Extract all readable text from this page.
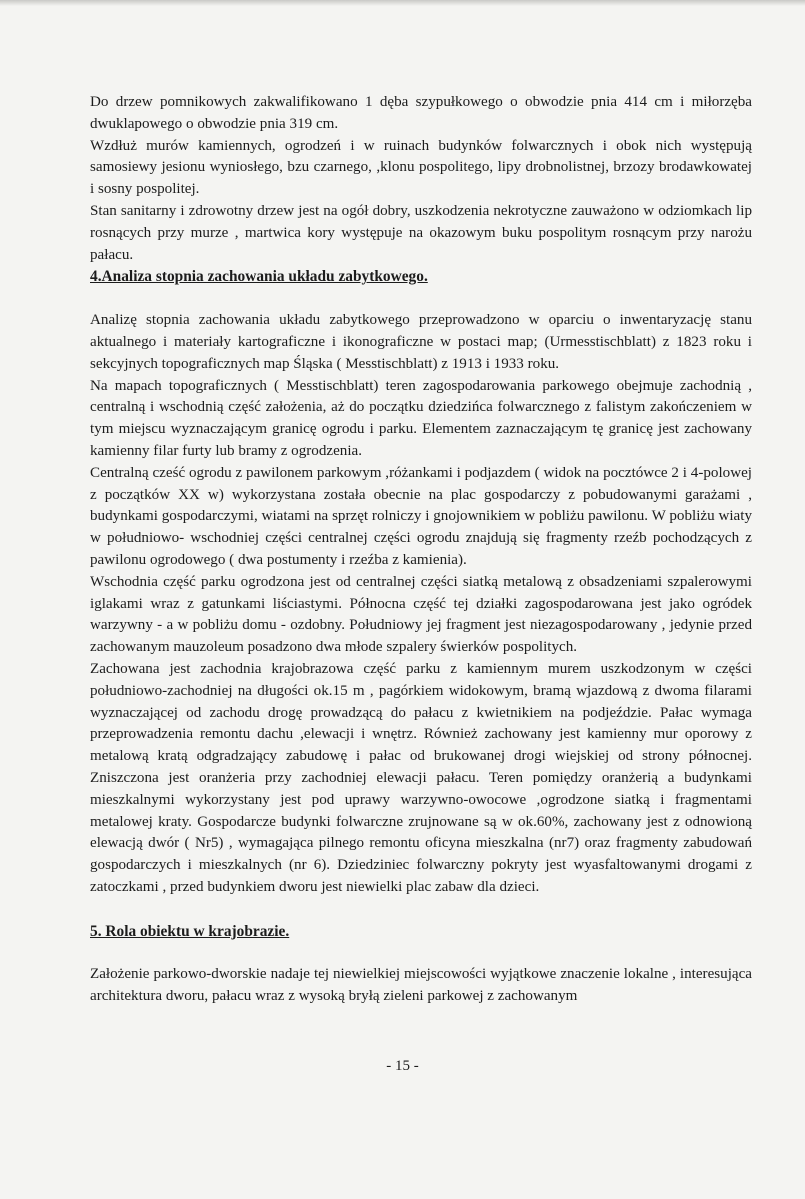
Do drzew pomnikowych zakwalifikowano 1 dęba szypułkowego o obwodzie pnia 414 cm i miłorzęba dwuklapowego o obwodzie pnia 319 cm.

Wzdłuż murów kamiennych, ogrodzeń i w ruinach budynków folwarcznych i obok nich występują samosiewy jesionu wyniosłego, bzu czarnego, ,klonu pospolitego, lipy drobnolistnej, brzozy brodawkowatej i sosny pospolitej.

Stan sanitarny i zdrowotny drzew jest na ogół dobry, uszkodzenia nekrotyczne zauważono w odziomkach lip rosnących przy murze , martwica kory występuje na okazowym buku pospolitym rosnącym przy narożu pałacu.

4.Analiza stopnia zachowania układu zabytkowego.

Analizę stopnia zachowania układu zabytkowego przeprowadzono w oparciu o inwentaryzację stanu aktualnego i materiały kartograficzne i ikonograficzne w postaci map; (Urmesstischblatt) z 1823 roku i sekcyjnych topograficznych map Śląska ( Messtischblatt) z 1913 i 1933 roku.

Na mapach topograficznych ( Messtischblatt) teren zagospodarowania parkowego obejmuje zachodnią , centralną i wschodnią część założenia, aż do początku dziedzińca folwarcznego z falistym zakończeniem w tym miejscu wyznaczającym granicę ogrodu i parku. Elementem zaznaczającym tę granicę jest zachowany kamienny filar furty lub bramy z ogrodzenia.

Centralną cześć ogrodu z pawilonem parkowym ,różankami i podjazdem ( widok na pocztówce 2 i 4-polowej z początków XX w) wykorzystana została obecnie na plac gospodarczy z pobudowanymi garażami , budynkami gospodarczymi, wiatami na sprzęt rolniczy i gnojownikiem w pobliżu pawilonu. W pobliżu wiaty w południowo- wschodniej części centralnej części ogrodu znajdują się fragmenty rzeźb pochodzących z pawilonu ogrodowego ( dwa postumenty i rzeźba z kamienia).

Wschodnia część parku ogrodzona jest od centralnej części siatką metalową z obsadzeniami szpalerowymi iglakami wraz z gatunkami liściastymi. Północna część tej działki zagospodarowana jest jako ogródek warzywny - a w pobliżu domu - ozdobny. Południowy jej fragment jest niezagospodarowany , jedynie przed zachowanym mauzoleum posadzono dwa młode szpalery świerków pospolitych.

Zachowana jest zachodnia krajobrazowa część parku z kamiennym murem uszkodzonym w części południowo-zachodniej na długości ok.15 m , pagórkiem widokowym, bramą wjazdową z dwoma filarami wyznaczającej od zachodu drogę prowadzącą do pałacu z kwietnikiem na podjeździe. Pałac wymaga przeprowadzenia remontu dachu ,elewacji i wnętrz. Również zachowany jest kamienny mur oporowy z metalową kratą odgradzający zabudowę i pałac od brukowanej drogi wiejskiej od strony północnej. Zniszczona jest oranżeria przy zachodniej elewacji pałacu. Teren pomiędzy oranżerią a budynkami mieszkalnymi wykorzystany jest pod uprawy warzywno-owocowe ,ogrodzone siatką i fragmentami metalowej kraty. Gospodarcze budynki folwarczne zrujnowane są w ok.60%, zachowany jest z odnowioną elewacją dwór ( Nr5) , wymagająca pilnego remontu oficyna mieszkalna (nr7) oraz fragmenty zabudowań gospodarczych i mieszkalnych (nr 6). Dziedziniec folwarczny pokryty jest wyasfaltowanymi drogami z zatoczkami , przed budynkiem dworu jest niewielki plac zabaw dla dzieci.

5. Rola obiektu w krajobrazie.

Założenie parkowo-dworskie nadaje tej niewielkiej miejscowości wyjątkowe znaczenie lokalne , interesująca architektura dworu, pałacu wraz z wysoką bryłą zieleni parkowej z zachowanym

- 15 -
